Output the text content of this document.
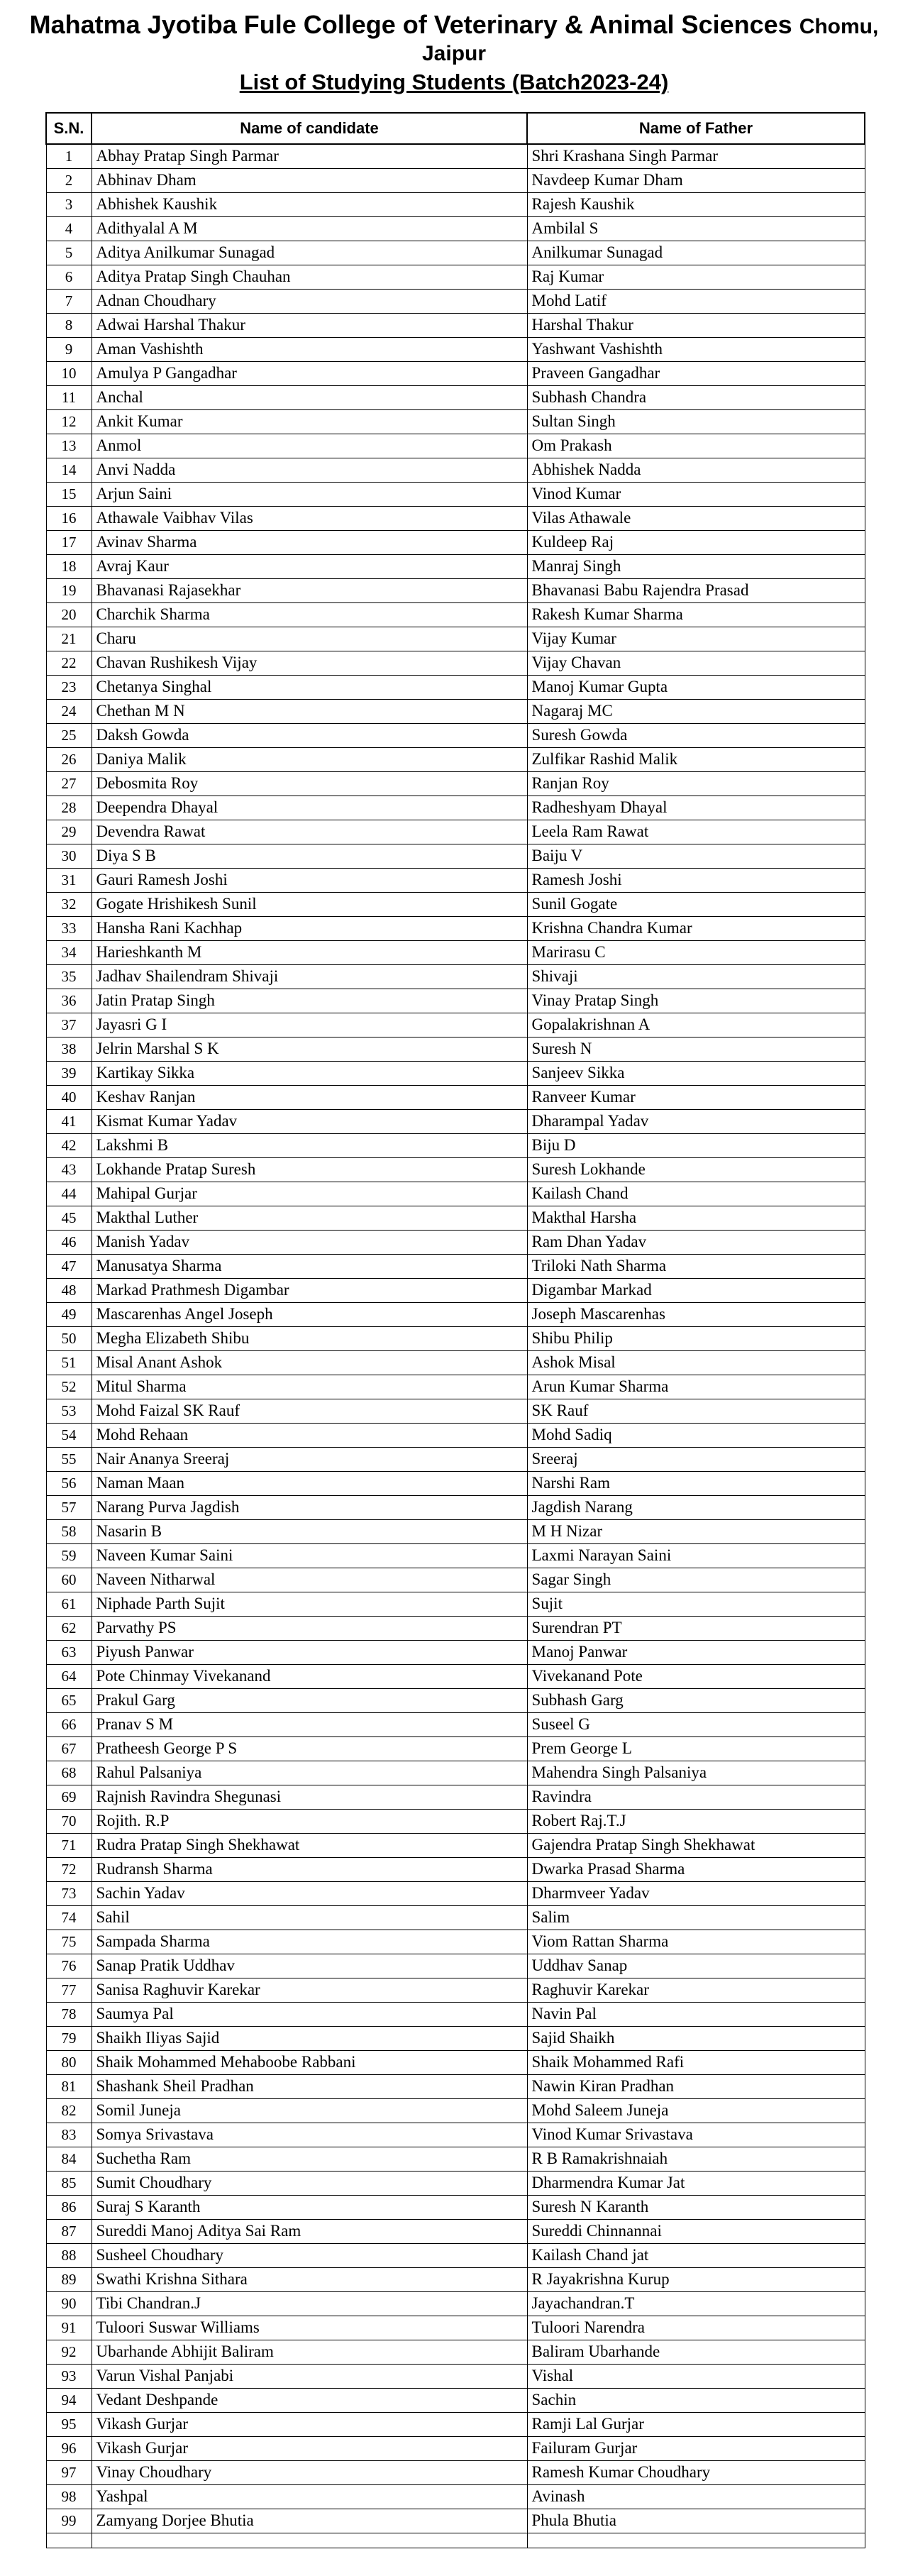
Mahatma Jyotiba Fule College of Veterinary & Animal Sciences Chomu,
Jaipur
List of Studying Students (Batch2023-24)
S.N.	Name of candidate	Name of Father
1	Abhay Pratap Singh Parmar	Shri Krashana Singh Parmar
2	Abhinav Dham	Navdeep Kumar Dham
3	Abhishek Kaushik	Rajesh Kaushik
4	Adithyalal A M	Ambilal S
5	Aditya Anilkumar Sunagad	Anilkumar Sunagad
6	Aditya Pratap Singh Chauhan	Raj Kumar
7	Adnan Choudhary	Mohd Latif
8	Adwai Harshal Thakur	Harshal Thakur
9	Aman Vashishth	Yashwant Vashishth
10	Amulya P Gangadhar	Praveen Gangadhar
11	Anchal	Subhash Chandra
12	Ankit Kumar	Sultan Singh
13	Anmol	Om Prakash
14	Anvi Nadda	Abhishek Nadda
15	Arjun Saini	Vinod Kumar
16	Athawale Vaibhav Vilas	Vilas Athawale
17	Avinav Sharma	Kuldeep Raj
18	Avraj Kaur	Manraj Singh
19	Bhavanasi Rajasekhar	Bhavanasi Babu Rajendra Prasad
20	Charchik Sharma	Rakesh Kumar Sharma
21	Charu	Vijay Kumar
22	Chavan Rushikesh Vijay	Vijay Chavan
23	Chetanya Singhal	Manoj Kumar Gupta
24	Chethan M N	Nagaraj MC
25	Daksh Gowda	Suresh Gowda
26	Daniya Malik	Zulfikar Rashid Malik
27	Debosmita Roy	Ranjan Roy
28	Deependra Dhayal	Radheshyam Dhayal
29	Devendra Rawat	Leela Ram Rawat
30	Diya S B	Baiju V
31	Gauri Ramesh Joshi	Ramesh Joshi
32	Gogate Hrishikesh Sunil	Sunil Gogate
33	Hansha Rani Kachhap	Krishna Chandra Kumar
34	Harieshkanth M	Marirasu C
35	Jadhav Shailendram Shivaji	Shivaji
36	Jatin Pratap Singh	Vinay Pratap Singh
37	Jayasri G I	Gopalakrishnan A
38	Jelrin Marshal S K	Suresh N
39	Kartikay Sikka	Sanjeev Sikka
40	Keshav Ranjan	Ranveer Kumar
41	Kismat Kumar Yadav	Dharampal Yadav
42	Lakshmi B	Biju D
43	Lokhande Pratap Suresh	Suresh Lokhande
44	Mahipal Gurjar	Kailash Chand
45	Makthal Luther	Makthal Harsha
46	Manish Yadav	Ram Dhan Yadav
47	Manusatya Sharma	Triloki Nath Sharma
48	Markad Prathmesh Digambar	Digambar Markad
49	Mascarenhas Angel Joseph	Joseph Mascarenhas
50	Megha Elizabeth Shibu	Shibu Philip
51	Misal Anant Ashok	Ashok Misal
52	Mitul Sharma	Arun Kumar Sharma
53	Mohd Faizal SK Rauf	SK Rauf
54	Mohd Rehaan	Mohd Sadiq
55	Nair Ananya Sreeraj	Sreeraj
56	Naman Maan	Narshi Ram
57	Narang Purva Jagdish	Jagdish Narang
58	Nasarin B	M H Nizar
59	Naveen Kumar Saini	Laxmi Narayan Saini
60	Naveen Nitharwal	Sagar Singh
61	Niphade Parth Sujit	Sujit
62	Parvathy PS	Surendran PT
63	Piyush Panwar	Manoj Panwar
64	Pote Chinmay Vivekanand	Vivekanand Pote
65	Prakul Garg	Subhash Garg
66	Pranav S M	Suseel G
67	Pratheesh George P S	Prem George L
68	Rahul Palsaniya	Mahendra Singh Palsaniya
69	Rajnish Ravindra Shegunasi	Ravindra
70	Rojith. R.P	Robert Raj.T.J
71	Rudra Pratap Singh Shekhawat	Gajendra Pratap Singh Shekhawat
72	Rudransh Sharma	Dwarka Prasad Sharma
73	Sachin Yadav	Dharmveer Yadav
74	Sahil	Salim
75	Sampada Sharma	Viom Rattan Sharma
76	Sanap Pratik Uddhav	Uddhav Sanap
77	Sanisa Raghuvir Karekar	Raghuvir Karekar
78	Saumya Pal	Navin Pal
79	Shaikh Iliyas Sajid	Sajid Shaikh
80	Shaik Mohammed Mehaboobe Rabbani	Shaik Mohammed Rafi
81	Shashank Sheil Pradhan	Nawin Kiran Pradhan
82	Somil Juneja	Mohd Saleem Juneja
83	Somya Srivastava	Vinod Kumar Srivastava
84	Suchetha Ram	R B Ramakrishnaiah
85	Sumit Choudhary	Dharmendra Kumar Jat
86	Suraj S Karanth	Suresh N Karanth
87	Sureddi Manoj Aditya Sai Ram	Sureddi Chinnannai
88	Susheel Choudhary	Kailash Chand jat
89	Swathi Krishna Sithara	R Jayakrishna Kurup
90	Tibi Chandran.J	Jayachandran.T
91	Tuloori Suswar Williams	Tuloori Narendra
92	Ubarhande Abhijit Baliram	Baliram Ubarhande
93	Varun Vishal Panjabi	Vishal
94	Vedant Deshpande	Sachin
95	Vikash Gurjar	Ramji Lal Gurjar
96	Vikash Gurjar	Failuram Gurjar
97	Vinay Choudhary	Ramesh Kumar Choudhary
98	Yashpal	Avinash
99	Zamyang Dorjee Bhutia	Phula Bhutia
